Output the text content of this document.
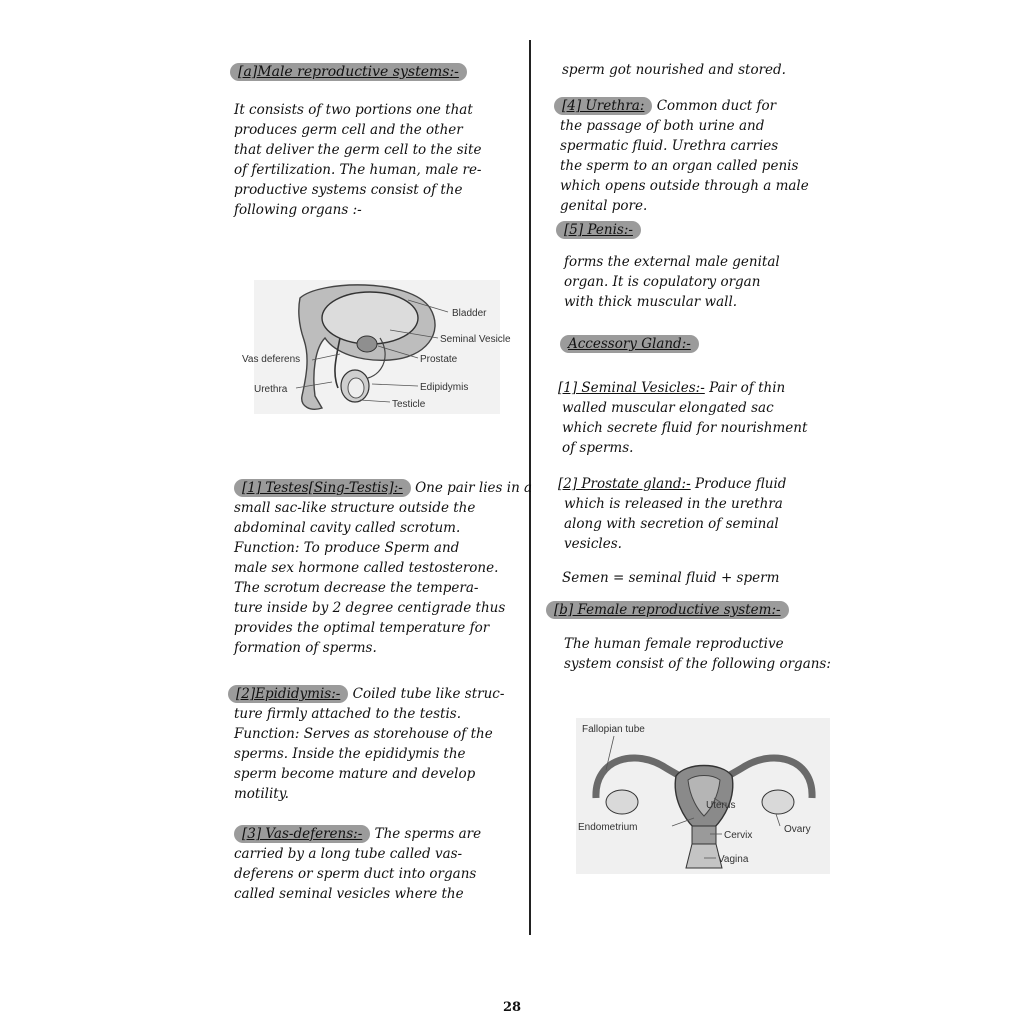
[a]Male reproductive systems:-
It consists of two portions one that
produces germ cell and the other
that deliver the germ cell to the site
of fertilization. The human, male re-
productive systems consist of the
following organs :-
[1] Testes[Sing-Testis]:- One pair lies in a
small sac-like structure outside the
abdominal cavity called scrotum.
Function: To produce Sperm and
male sex hormone called testosterone.
The scrotum decrease the tempera-
ture inside by 2 degree centigrade thus
provides the optimal temperature for
formation of sperms.
[2]Epididymis:- Coiled tube like struc-
ture firmly attached to the testis.
Function: Serves as storehouse of the
sperms. Inside the epididymis the
sperm become mature and develop
motility.
[3] Vas-deferens:- The sperms are
carried by a long tube called vas-
deferens or sperm duct into organs
called seminal vesicles where the
Bladder
Seminal Vesicle
Vas deferens	Prostate
Urethra	Edipidymis
Testicle
sperm got nourished and stored.
[4] Urethra: Common duct for
the passage of both urine and
spermatic fluid. Urethra carries
the sperm to an organ called penis
which opens outside through a male
genital pore.
[5] Penis:-
forms the external male genital
organ. It is copulatory organ
with thick muscular wall.
Accessory Gland:-
[1] Seminal Vesicles:- Pair of thin
walled muscular elongated sac
which secrete fluid for nourishment
of sperms.
[2] Prostate gland:- Produce fluid
which is released in the urethra
along with secretion of seminal
vesicles.
Semen = seminal fluid + sperm
[b] Female reproductive system:-
The human female reproductive
system consist of the following organs:
Fallopian tube
Uterus
Endometrium	Ovary
Cervix
Vagina
28
